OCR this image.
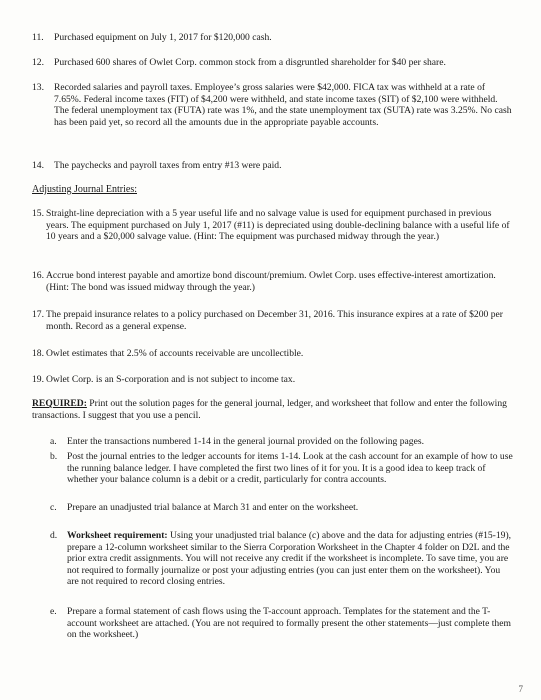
11. Purchased equipment on July 1, 2017 for $120,000 cash.
12. Purchased 600 shares of Owlet Corp. common stock from a disgruntled shareholder for $40 per share.
13. Recorded salaries and payroll taxes. Employee’s gross salaries were $42,000. FICA tax was withheld at a rate of 7.65%. Federal income taxes (FIT) of $4,200 were withheld, and state income taxes (SIT) of $2,100 were withheld. The federal unemployment tax (FUTA) rate was 1%, and the state unemployment tax (SUTA) rate was 3.25%. No cash has been paid yet, so record all the amounts due in the appropriate payable accounts.
14. The paychecks and payroll taxes from entry #13 were paid.
Adjusting Journal Entries:
15. Straight-line depreciation with a 5 year useful life and no salvage value is used for equipment purchased in previous years. The equipment purchased on July 1, 2017 (#11) is depreciated using double-declining balance with a useful life of 10 years and a $20,000 salvage value. (Hint: The equipment was purchased midway through the year.)
16. Accrue bond interest payable and amortize bond discount/premium. Owlet Corp. uses effective-interest amortization. (Hint: The bond was issued midway through the year.)
17. The prepaid insurance relates to a policy purchased on December 31, 2016. This insurance expires at a rate of $200 per month. Record as a general expense.
18. Owlet estimates that 2.5% of accounts receivable are uncollectible.
19. Owlet Corp. is an S-corporation and is not subject to income tax.
REQUIRED: Print out the solution pages for the general journal, ledger, and worksheet that follow and enter the following transactions. I suggest that you use a pencil.
a. Enter the transactions numbered 1-14 in the general journal provided on the following pages.
b. Post the journal entries to the ledger accounts for items 1-14. Look at the cash account for an example of how to use the running balance ledger. I have completed the first two lines of it for you. It is a good idea to keep track of whether your balance column is a debit or a credit, particularly for contra accounts.
c. Prepare an unadjusted trial balance at March 31 and enter on the worksheet.
d. Worksheet requirement: Using your unadjusted trial balance (c) above and the data for adjusting entries (#15-19), prepare a 12-column worksheet similar to the Sierra Corporation Worksheet in the Chapter 4 folder on D2L and the prior extra credit assignments. You will not receive any credit if the worksheet is incomplete. To save time, you are not required to formally journalize or post your adjusting entries (you can just enter them on the worksheet). You are not required to record closing entries.
e. Prepare a formal statement of cash flows using the T-account approach. Templates for the statement and the T-account worksheet are attached. (You are not required to formally present the other statements—just complete them on the worksheet.)
7
